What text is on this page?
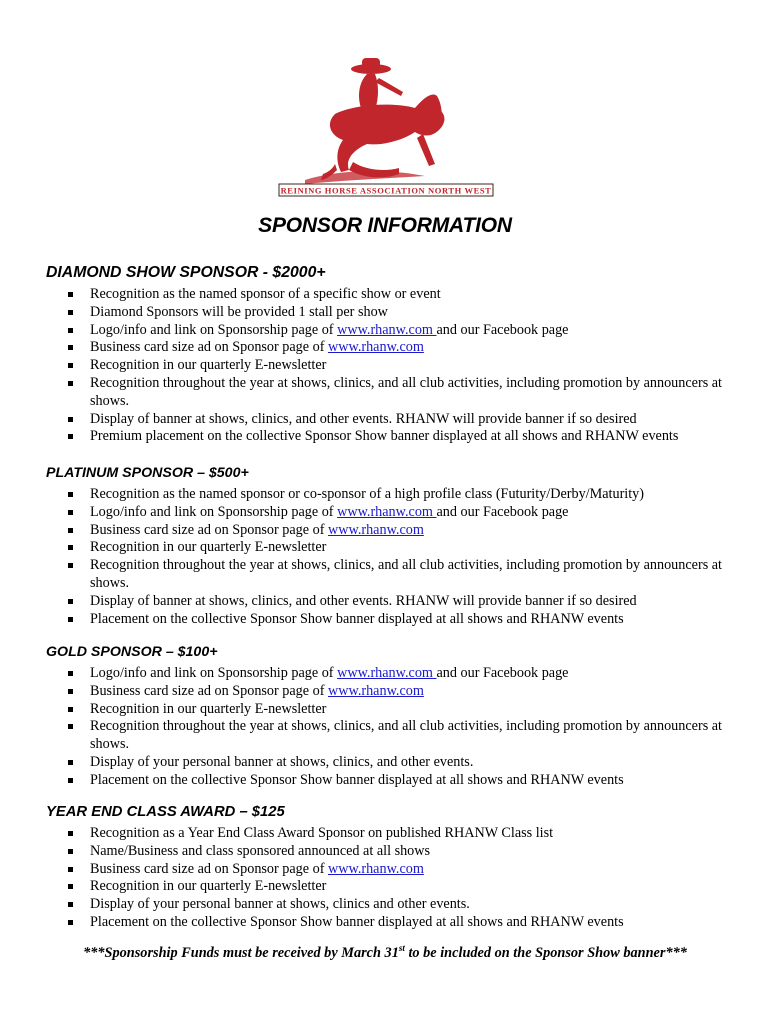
REINING HORSE ASSOCIATION NORTH WEST
SPONSOR INFORMATION
DIAMOND SHOW SPONSOR - $2000+
Recognition as the named sponsor of a specific show or event
Diamond Sponsors will be provided 1 stall per show
Logo/info and link on Sponsorship page of www.rhanw.com and our Facebook page
Business card size ad on Sponsor page of www.rhanw.com
Recognition in our quarterly E-newsletter
Recognition throughout the year at shows, clinics, and all club activities, including promotion by announcers at shows.
Display of banner at shows, clinics, and other events. RHANW will provide banner if so desired
Premium placement on the collective Sponsor Show banner displayed at all shows and RHANW events
PLATINUM SPONSOR – $500+
Recognition as the named sponsor or co-sponsor of a high profile class (Futurity/Derby/Maturity)
Logo/info and link on Sponsorship page of www.rhanw.com and our Facebook page
Business card size ad on Sponsor page of www.rhanw.com
Recognition in our quarterly E-newsletter
Recognition throughout the year at shows, clinics, and all club activities, including promotion by announcers at shows.
Display of banner at shows, clinics, and other events. RHANW will provide banner if so desired
Placement on the collective Sponsor Show banner displayed at all shows and RHANW events
GOLD SPONSOR – $100+
Logo/info and link on Sponsorship page of www.rhanw.com and our Facebook page
Business card size ad on Sponsor page of www.rhanw.com
Recognition in our quarterly E-newsletter
Recognition throughout the year at shows, clinics, and all club activities, including promotion by announcers at shows.
Display of your personal banner at shows, clinics, and other events.
Placement on the collective Sponsor Show banner displayed at all shows and RHANW events
YEAR END CLASS AWARD – $125
Recognition as a Year End Class Award Sponsor on published RHANW Class list
Name/Business and class sponsored announced at all shows
Business card size ad on Sponsor page of www.rhanw.com
Recognition in our quarterly E-newsletter
Display of your personal banner at shows, clinics and other events.
Placement on the collective Sponsor Show banner displayed at all shows and RHANW events
***Sponsorship Funds must be received by March 31st to be included on the Sponsor Show banner***
